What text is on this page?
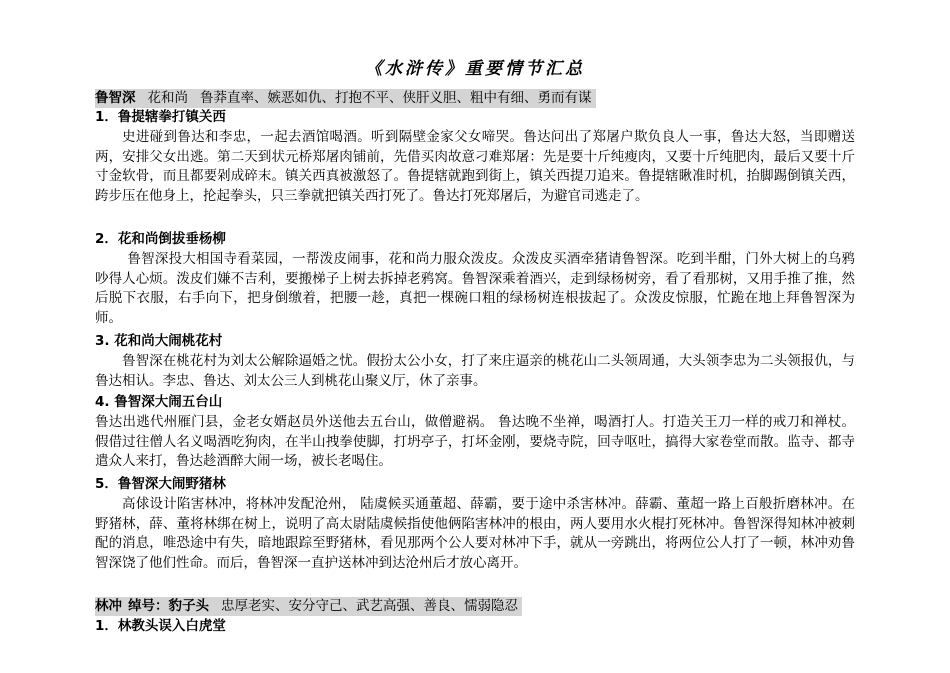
《水浒传》重要情节汇总
鲁智深 花和尚 鲁莽直率、嫉恶如仇、打抱不平、侠肝义胆、粗中有细、勇而有谋
1．鲁提辖拳打镇关西
史进碰到鲁达和李忠，一起去酒馆喝酒。听到隔壁金家父女啼哭。鲁达问出了郑屠户欺负良人一事，鲁达大怒，当即赠送两，安排父女出逃。第二天到状元桥郑屠肉铺前，先借买肉故意刁难郑屠：先是要十斤纯瘦肉，又要十斤纯肥肉，最后又要十斤寸金软骨，而且都要剁成碎末。镇关西真被激怒了。鲁提辖就跑到街上，镇关西提刀追来。鲁提辖瞅准时机，抬脚踢倒镇关西，跨步压在他身上，抡起拳头，只三拳就把镇关西打死了。鲁达打死郑屠后，为避官司逃走了。
2．花和尚倒拔垂杨柳
鲁智深投大相国寺看菜园，一帮泼皮闹事，花和尚力服众泼皮。众泼皮买酒牵猪请鲁智深。吃到半酣，门外大树上的乌鸦吵得人心烦。泼皮们嫌不吉利，要搬梯子上树去拆掉老鸦窝。鲁智深乘着酒兴，走到绿杨树旁，看了看那树，又用手推了推，然后脱下衣服，右手向下，把身倒缴着，把腰一趁，真把一棵碗口粗的绿杨树连根拔起了。众泼皮惊服，忙跪在地上拜鲁智深为师。
3. 花和尚大闹桃花村
鲁智深在桃花村为刘太公解除逼婚之忧。假扮太公小女，打了来庄逼亲的桃花山二头领周通，大头领李忠为二头领报仇，与鲁达相认。李忠、鲁达、刘太公三人到桃花山聚义厅，休了亲事。
4. 鲁智深大闹五台山
鲁达出逃代州雁门县，金老女婿赵员外送他去五台山，做僧避祸。 鲁达晚不坐禅，喝酒打人。打造关王刀一样的戒刀和禅杖。假借过往僧人名义喝酒吃狗肉，在半山拽拳使脚，打坍亭子，打坏金刚，要烧寺院，回寺呕吐，搞得大家卷堂而散。监寺、都寺遣众人来打，鲁达趁酒醉大闹一场，被长老喝住。
5．鲁智深大闹野猪林
高俅设计陷害林冲，将林冲发配沧州， 陆虞候买通董超、薛霸，要于途中杀害林冲。薛霸、董超一路上百般折磨林冲。在野猪林，薛、董将林绑在树上，说明了高太尉陆虞候指使他俩陷害林冲的根由，两人要用水火棍打死林冲。鲁智深得知林冲被刺配的消息，唯恐途中有失，暗地跟踪至野猪林，看见那两个公人要对林冲下手，就从一旁跳出，将两位公人打了一顿，林冲劝鲁智深饶了他们性命。而后，鲁智深一直护送林冲到达沧州后才放心离开。
林冲 绰号：豹子头 忠厚老实、安分守己、武艺高强、善良、懦弱隐忍
1．林教头误入白虎堂
